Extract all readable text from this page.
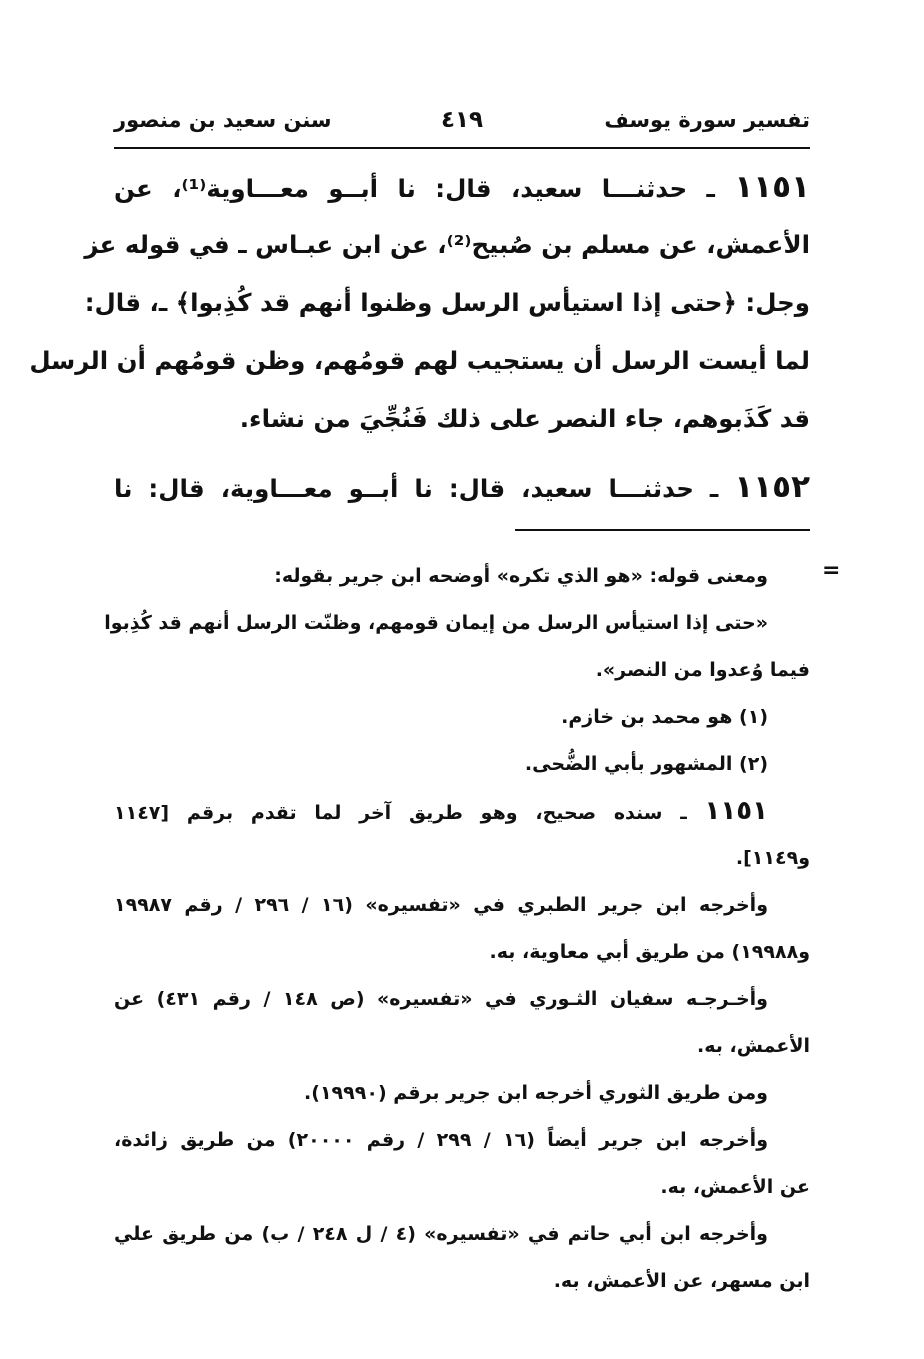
تفسير سورة يوسف
٤١٩
سنن سعيد بن منصور
١١٥١ ـ حدثنـــا سعيد، قال: نا أبــو معـــاوية⁽¹⁾، عن
الأعمش، عن مسلم بن صُبيح⁽²⁾، عن ابن عبـاس ـ في قوله عز
وجل: ﴿حتى إذا استيأس الرسل وظنوا أنهم قد كُذِبوا﴾ ـ، قال:
لما أيست الرسل أن يستجيب لهم قومُهم، وظن قومُهم أن الرسل
قد كَذَبوهم، جاء النصر على ذلك فَنُجِّيَ من نشاء.
١١٥٢ ـ حدثنـــا سعيد، قال: نا أبــو معـــاوية، قال: نا
=
ومعنى قوله: «هو الذي تكره» أوضحه ابن جرير بقوله:
«حتى إذا استيأس الرسل من إيمان قومهم، وظنّت الرسل أنهم قد كُذِبوا
فيما وُعدوا من النصر».
(١) هو محمد بن خازم.
(٢) المشهور بأبي الضُّحى.
١١٥١ ـ سنده صحيح، وهو طريق آخر لما تقدم برقم [١١٤٧
و١١٤٩].
وأخرجه ابن جرير الطبري في «تفسيره» (١٦ / ٢٩٦ / رقم ١٩٩٨٧
و١٩٩٨٨) من طريق أبي معاوية، به.
وأخـرجـه سفيان الثـوري في «تفسيره» (ص ١٤٨ / رقم ٤٣١) عن
الأعمش، به.
ومن طريق الثوري أخرجه ابن جرير برقم (١٩٩٩٠).
وأخرجه ابن جرير أيضاً (١٦ / ٢٩٩ / رقم ٢٠٠٠٠) من طريق زائدة،
عن الأعمش، به.
وأخرجه ابن أبي حاتم في «تفسيره» (٤ / ل ٢٤٨ / ب) من طريق علي
ابن مسهر، عن الأعمش، به.
